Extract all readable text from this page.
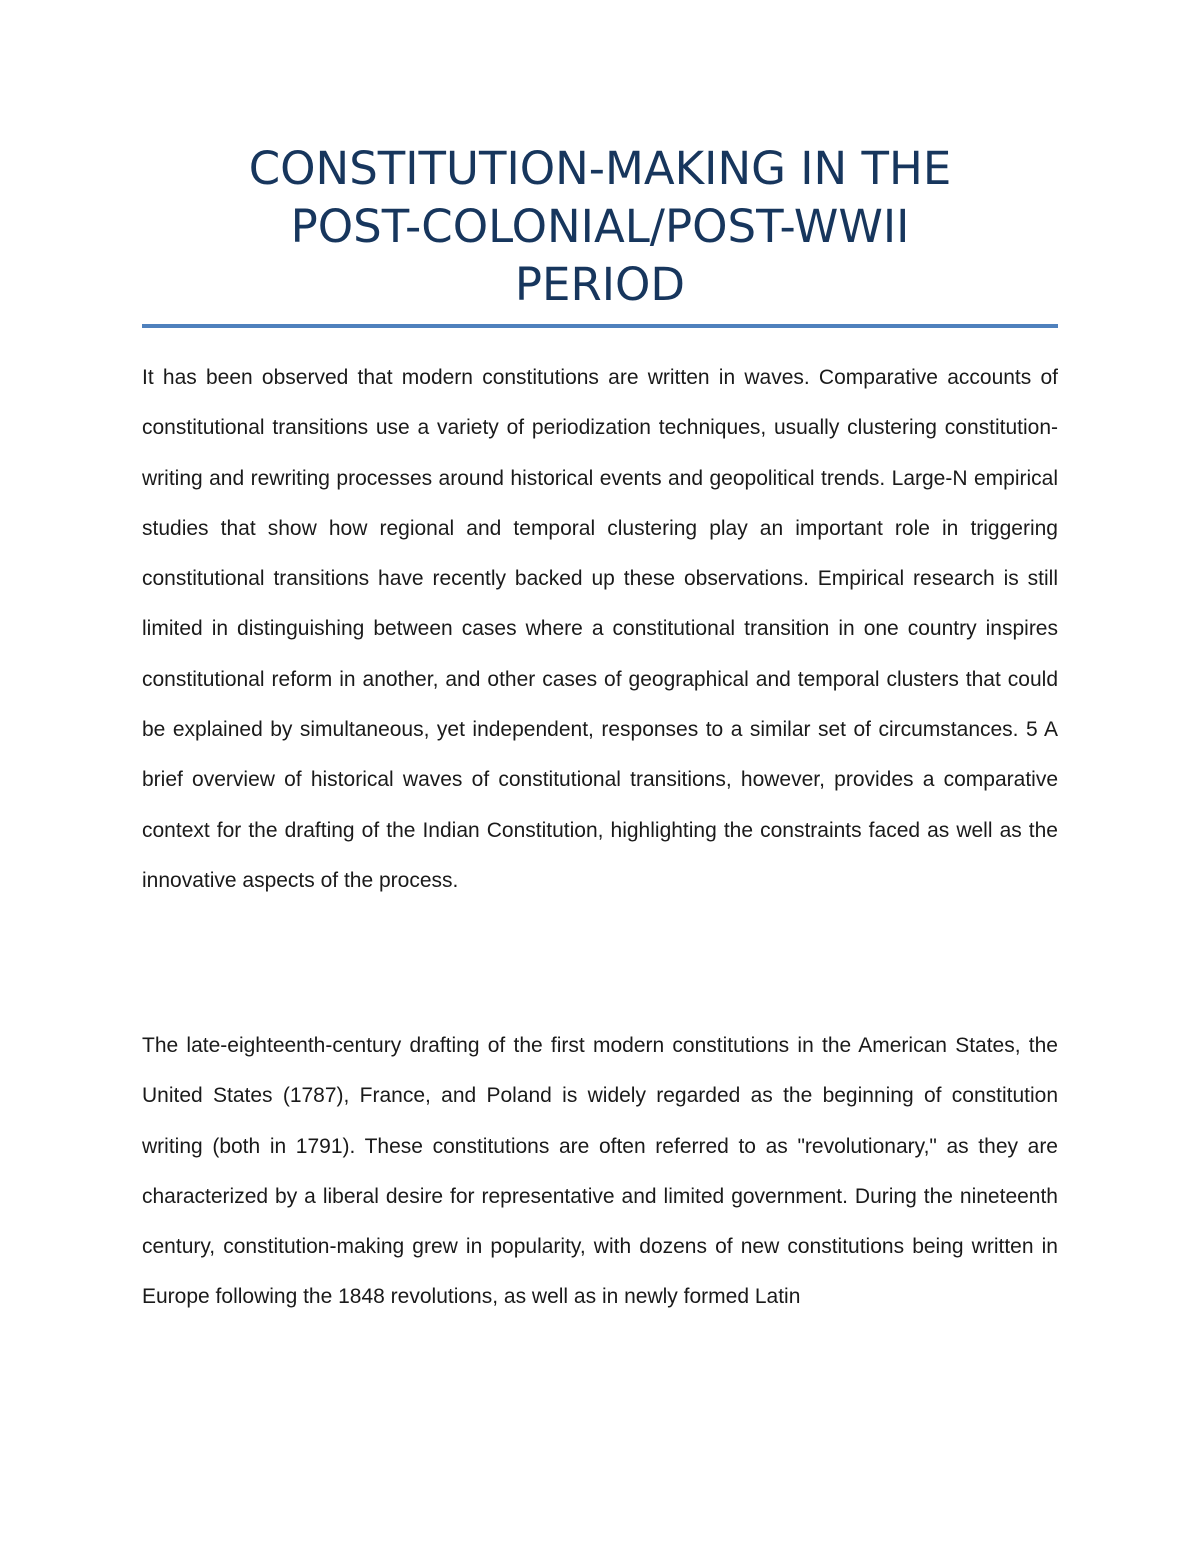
CONSTITUTION-MAKING IN THE
POST-COLONIAL/POST-WWII
PERIOD

It has been observed that modern constitutions are written in waves. Comparative accounts of constitutional transitions use a variety of periodization techniques, usually clustering constitution-writing and rewriting processes around historical events and geopolitical trends. Large-N empirical studies that show how regional and temporal clustering play an important role in triggering constitutional transitions have recently backed up these observations. Empirical research is still limited in distinguishing between cases where a constitutional transition in one country inspires constitutional reform in another, and other cases of geographical and temporal clusters that could be explained by simultaneous, yet independent, responses to a similar set of circumstances. 5 A brief overview of historical waves of constitutional transitions, however, provides a comparative context for the drafting of the Indian Constitution, highlighting the constraints faced as well as the innovative aspects of the process.

The late-eighteenth-century drafting of the first modern constitutions in the American States, the United States (1787), France, and Poland is widely regarded as the beginning of constitution writing (both in 1791). These constitutions are often referred to as "revolutionary," as they are characterized by a liberal desire for representative and limited government. During the nineteenth century, constitution-making grew in popularity, with dozens of new constitutions being written in Europe following the 1848 revolutions, as well as in newly formed Latin
